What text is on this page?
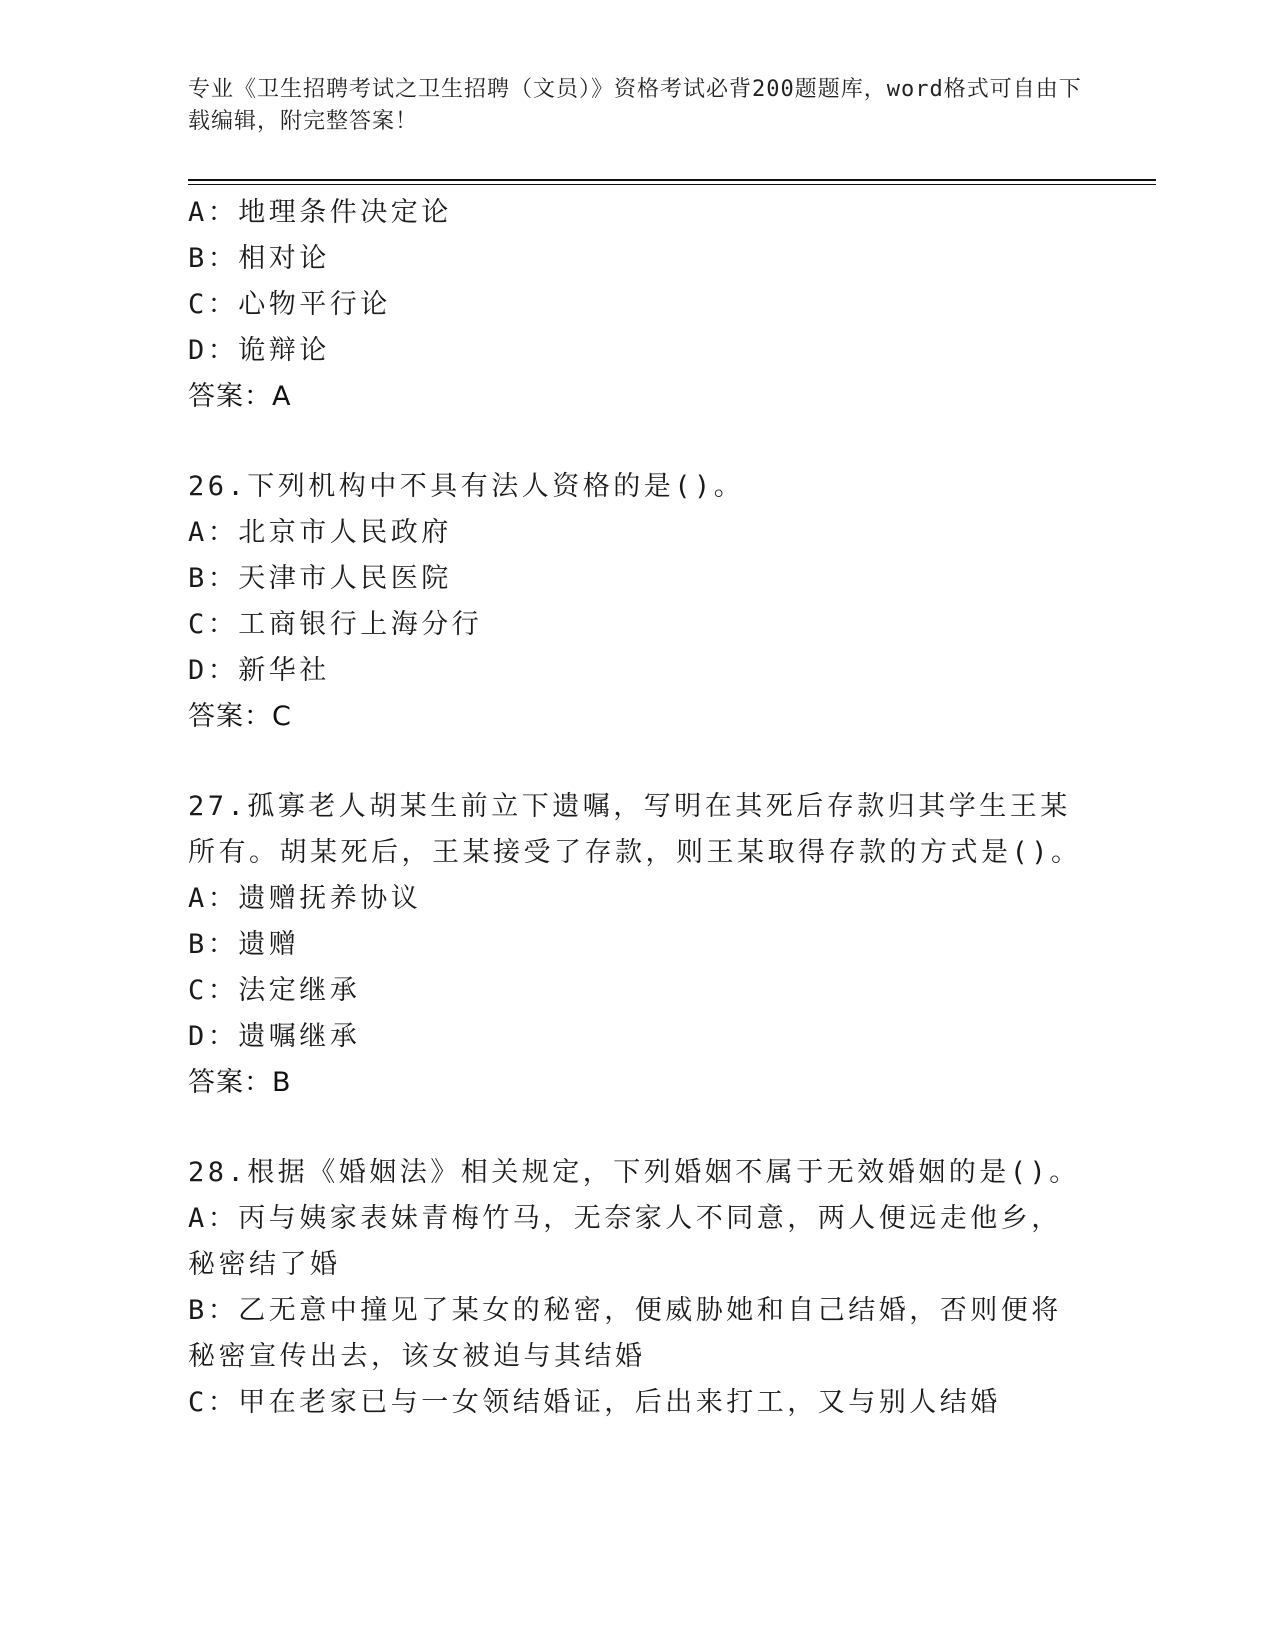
专业《卫生招聘考试之卫生招聘（文员）》资格考试必背200题题库，word格式可自由下载编辑，附完整答案！
A：地理条件决定论
B：相对论
C：心物平行论
D：诡辩论
答案：A
26.下列机构中不具有法人资格的是()。
A：北京市人民政府
B：天津市人民医院
C：工商银行上海分行
D：新华社
答案：C
27.孤寡老人胡某生前立下遗嘱，写明在其死后存款归其学生王某所有。胡某死后，王某接受了存款，则王某取得存款的方式是()。
A：遗赠抚养协议
B：遗赠
C：法定继承
D：遗嘱继承
答案：B
28.根据《婚姻法》相关规定，下列婚姻不属于无效婚姻的是()。
A：丙与姨家表妹青梅竹马，无奈家人不同意，两人便远走他乡，秘密结了婚
B：乙无意中撞见了某女的秘密，便威胁她和自己结婚，否则便将秘密宣传出去，该女被迫与其结婚
C：甲在老家已与一女领结婚证，后出来打工，又与别人结婚
